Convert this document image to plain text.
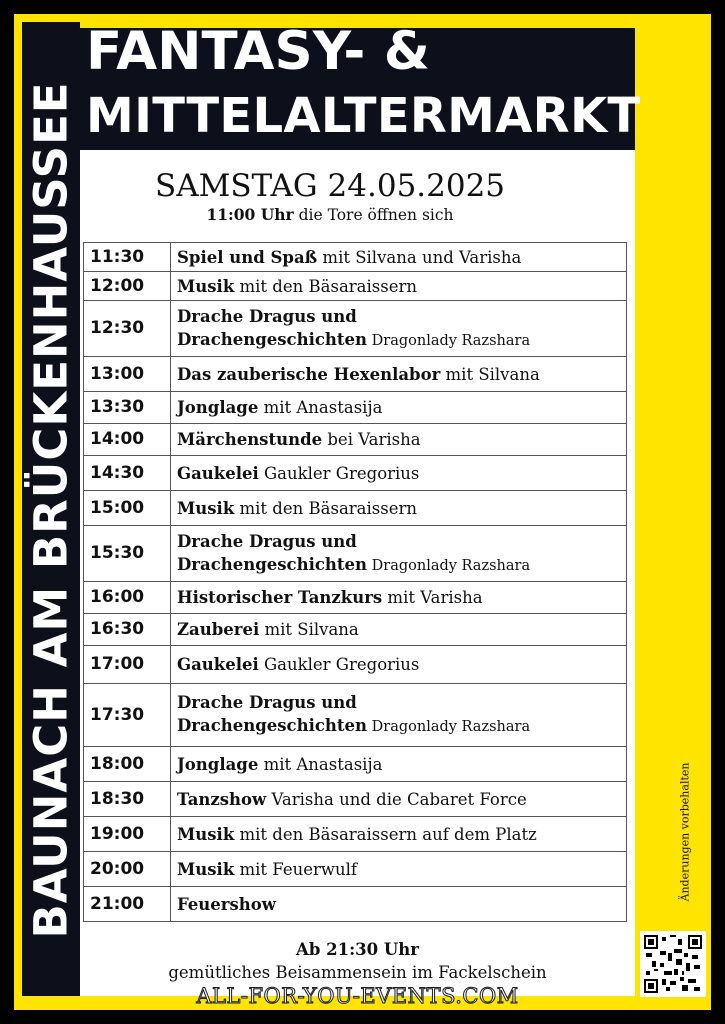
BAUNACH AM BRÜCKENHAUSSEE
FANTASY- &
MITTELALTERMARKT
SAMSTAG 24.05.2025
11:00 Uhr die Tore öffnen sich
11:30	Spiel und Spaß mit Silvana und Varisha
12:00	Musik mit den Bäsaraissern
12:30	Drache Dragus und
Drachengeschichten Dragonlady Razshara
13:00	Das zauberische Hexenlabor mit Silvana
13:30	Jonglage mit Anastasija
14:00	Märchenstunde bei Varisha
14:30	Gaukelei Gaukler Gregorius
15:00	Musik mit den Bäsaraissern
15:30	Drache Dragus und
Drachengeschichten Dragonlady Razshara
16:00	Historischer Tanzkurs mit Varisha
16:30	Zauberei mit Silvana
17:00	Gaukelei Gaukler Gregorius
17:30	Drache Dragus und
Drachengeschichten Dragonlady Razshara
18:00	Jonglage mit Anastasija
18:30	Tanzshow Varisha und die Cabaret Force
19:00	Musik mit den Bäsaraissern auf dem Platz
20:00	Musik mit Feuerwulf
21:00	Feuershow
Ab 21:30 Uhr
gemütliches Beisammensein im Fackelschein
ALL-FOR-YOU-EVENTS.COM
Änderungen vorbehalten
